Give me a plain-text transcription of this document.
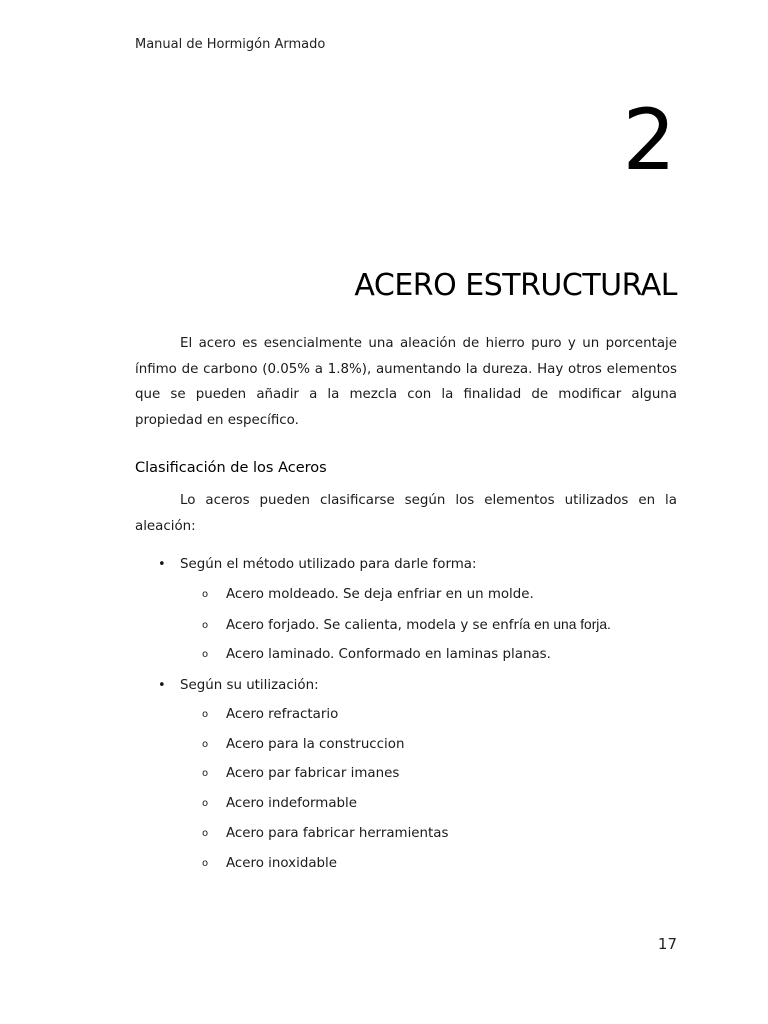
Manual de Hormigón Armado
2
ACERO ESTRUCTURAL

El acero es esencialmente una aleación de hierro puro y un porcentaje ínfimo de carbono (0.05% a 1.8%), aumentando la dureza. Hay otros elementos que se pueden añadir a la mezcla con la finalidad de modificar alguna propiedad en específico.

Clasificación de los Aceros

Lo aceros pueden clasificarse según los elementos utilizados en la aleación:

• Según el método utilizado para darle forma:
o Acero moldeado. Se deja enfriar en un molde.
o Acero forjado. Se calienta, modela y se enfría en una forja.
o Acero laminado. Conformado en laminas planas.
• Según su utilización:
o Acero refractario
o Acero para la construccion
o Acero par fabricar imanes
o Acero indeformable
o Acero para fabricar herramientas
o Acero inoxidable
17
